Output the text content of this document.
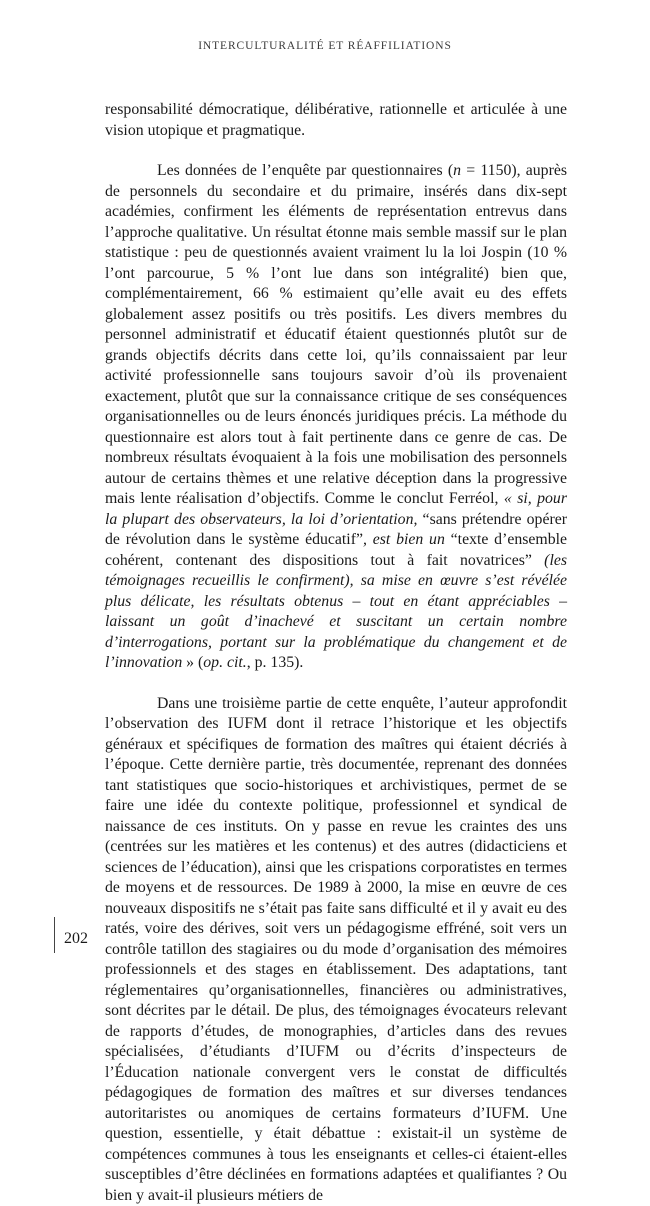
INTERCULTURALITÉ ET RÉAFFILIATIONS

responsabilité démocratique, délibérative, rationnelle et articulée à une vision utopique et pragmatique.

Les données de l’enquête par questionnaires (n = 1150), auprès de personnels du secondaire et du primaire, insérés dans dix-sept académies, confirment les éléments de représentation entrevus dans l’approche qualitative. Un résultat étonne mais semble massif sur le plan statistique : peu de questionnés avaient vraiment lu la loi Jospin (10 % l’ont parcourue, 5 % l’ont lue dans son intégralité) bien que, complémentairement, 66 % estimaient qu’elle avait eu des effets globalement assez positifs ou très positifs. Les divers membres du personnel administratif et éducatif étaient questionnés plutôt sur de grands objectifs décrits dans cette loi, qu’ils connaissaient par leur activité professionnelle sans toujours savoir d’où ils provenaient exactement, plutôt que sur la connaissance critique de ses conséquences organisationnelles ou de leurs énoncés juridiques précis. La méthode du questionnaire est alors tout à fait pertinente dans ce genre de cas. De nombreux résultats évoquaient à la fois une mobilisation des personnels autour de certains thèmes et une relative déception dans la progressive mais lente réalisation d’objectifs. Comme le conclut Ferréol, « si, pour la plupart des observateurs, la loi d’orientation, “sans prétendre opérer de révolution dans le système éducatif”, est bien un “texte d’ensemble cohérent, contenant des dispositions tout à fait novatrices” (les témoignages recueillis le confirment), sa mise en œuvre s’est révélée plus délicate, les résultats obtenus – tout en étant appréciables – laissant un goût d’inachevé et suscitant un certain nombre d’interrogations, portant sur la problématique du changement et de l’innovation » (op. cit., p. 135).

Dans une troisième partie de cette enquête, l’auteur approfondit l’observation des IUFM dont il retrace l’historique et les objectifs généraux et spécifiques de formation des maîtres qui étaient décriés à l’époque. Cette dernière partie, très documentée, reprenant des données tant statistiques que socio-historiques et archivistiques, permet de se faire une idée du contexte politique, professionnel et syndical de naissance de ces instituts. On y passe en revue les craintes des uns (centrées sur les matières et les contenus) et des autres (didacticiens et sciences de l’éducation), ainsi que les crispations corporatistes en termes de moyens et de ressources. De 1989 à 2000, la mise en œuvre de ces nouveaux dispositifs ne s’était pas faite sans difficulté et il y avait eu des ratés, voire des dérives, soit vers un pédagogisme effréné, soit vers un contrôle tatillon des stagiaires ou du mode d’organisation des mémoires professionnels et des stages en établissement. Des adaptations, tant réglementaires qu’organisationnelles, financières ou administratives, sont décrites par le détail. De plus, des témoignages évocateurs relevant de rapports d’études, de monographies, d’articles dans des revues spécialisées, d’étudiants d’IUFM ou d’écrits d’inspecteurs de l’Éducation nationale convergent vers le constat de difficultés pédagogiques de formation des maîtres et sur diverses tendances autoritaristes ou anomiques de certains formateurs d’IUFM. Une question, essentielle, y était débattue : existait-il un système de compétences communes à tous les enseignants et celles-ci étaient-elles susceptibles d’être déclinées en formations adaptées et qualifiantes ? Ou bien y avait-il plusieurs métiers de

202
